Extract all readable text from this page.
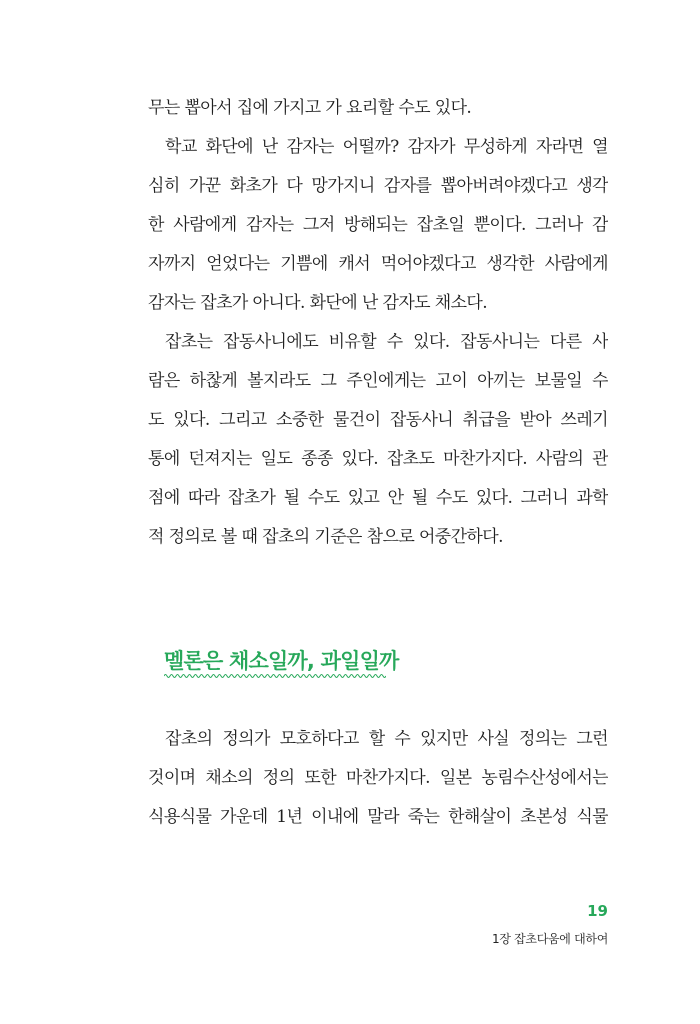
무는 뽑아서 집에 가지고 가 요리할 수도 있다.
학교 화단에 난 감자는 어떨까? 감자가 무성하게 자라면 열
심히 가꾼 화초가 다 망가지니 감자를 뽑아버려야겠다고 생각
한 사람에게 감자는 그저 방해되는 잡초일 뿐이다. 그러나 감
자까지 얻었다는 기쁨에 캐서 먹어야겠다고 생각한 사람에게
감자는 잡초가 아니다. 화단에 난 감자도 채소다.
잡초는 잡동사니에도 비유할 수 있다. 잡동사니는 다른 사
람은 하찮게 볼지라도 그 주인에게는 고이 아끼는 보물일 수
도 있다. 그리고 소중한 물건이 잡동사니 취급을 받아 쓰레기
통에 던져지는 일도 종종 있다. 잡초도 마찬가지다. 사람의 관
점에 따라 잡초가 될 수도 있고 안 될 수도 있다. 그러니 과학
적 정의로 볼 때 잡초의 기준은 참으로 어중간하다.
멜론은 채소일까, 과일일까
잡초의 정의가 모호하다고 할 수 있지만 사실 정의는 그런
것이며 채소의 정의 또한 마찬가지다. 일본 농림수산성에서는
식용식물 가운데 1년 이내에 말라 죽는 한해살이 초본성 식물
19
1장 잡초다움에 대하여
